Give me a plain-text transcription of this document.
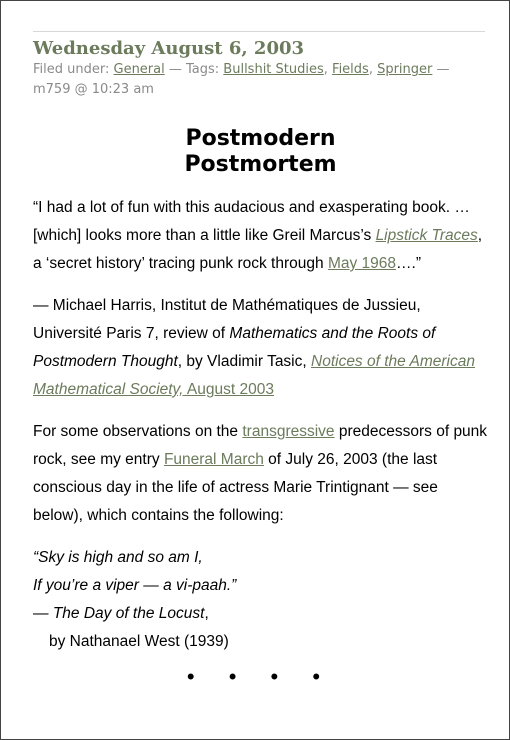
Wednesday August 6, 2003

Filed under: General — Tags: Bullshit Studies, Fields, Springer —
m759 @ 10:23 am

Postmodern
Postmortem

“I had a lot of fun with this audacious and exasperating book. … [which] looks more than a little like Greil Marcus’s Lipstick Traces, a ‘secret history’ tracing punk rock through May 1968….”

— Michael Harris, Institut de Mathématiques de Jussieu, Université Paris 7, review of Mathematics and the Roots of Postmodern Thought, by Vladimir Tasic, Notices of the American Mathematical Society, August 2003

For some observations on the transgressive predecessors of punk rock, see my entry Funeral March of July 26, 2003 (the last conscious day in the life of actress Marie Trintignant — see below), which contains the following:

“Sky is high and so am I,
If you’re a viper — a vi-paah.”
— The Day of the Locust,
by Nathanael West (1939)
• • • •
